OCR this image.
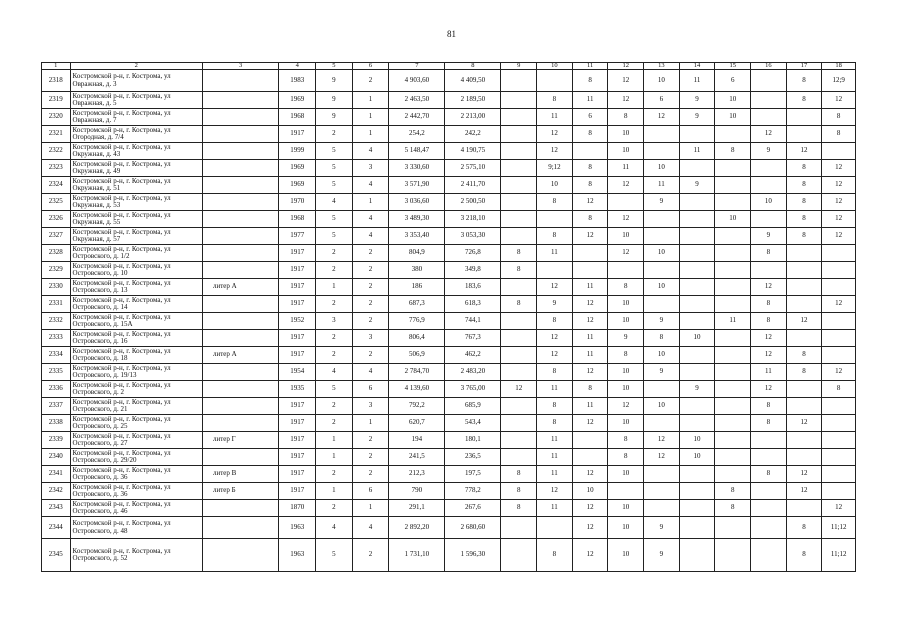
81
1	2	3	4	5	6	7	8	9	10	11	12	13	14	15	16	17	18
2318	Костромской р-н, г. Кострома, ул Овражная, д. 3		1983	9	2	4 903,60	4 409,50			8	12	10	11	6		8	12;9
2319	Костромской р-н, г. Кострома, ул Овражная, д. 5		1969	9	1	2 463,50	2 189,50		8	11	12	6	9	10		8	12
2320	Костромской р-н, г. Кострома, ул Овражная, д. 7		1968	9	1	2 442,70	2 213,00		11	6	8	12	9	10			8
2321	Костромской р-н, г. Кострома, ул Огородная, д. 7/4		1917	2	1	254,2	242,2		12	8	10				12		8
2322	Костромской р-н, г. Кострома, ул Окружная, д. 43		1999	5	4	5 148,47	4 190,75		12		10		11	8	9	12	
2323	Костромской р-н, г. Кострома, ул Окружная, д. 49		1969	5	3	3 330,60	2 575,10		9;12	8	11	10				8	12
2324	Костромской р-н, г. Кострома, ул Окружная, д. 51		1969	5	4	3 571,90	2 411,70		10	8	12	11	9			8	12
2325	Костромской р-н, г. Кострома, ул Окружная, д. 53		1970	4	1	3 036,60	2 500,50		8	12		9			10	8	12
2326	Костромской р-н, г. Кострома, ул Окружная, д. 55		1968	5	4	3 489,30	3 218,10			8	12			10		8	12
2327	Костромской р-н, г. Кострома, ул Окружная, д. 57		1977	5	4	3 353,40	3 053,30		8	12	10				9	8	12
2328	Костромской р-н, г. Кострома, ул Островского, д. 1/2		1917	2	2	804,9	726,8	8	11		12	10			8		
2329	Костромской р-н, г. Кострома, ул Островского, д. 10		1917	2	2	380	349,8	8									
2330	Костромской р-н, г. Кострома, ул Островского, д. 13	литер А	1917	1	2	186	183,6		12	11	8	10			12		
2331	Костромской р-н, г. Кострома, ул Островского, д. 14		1917	2	2	687,3	618,3	8	9	12	10				8		12
2332	Костромской р-н, г. Кострома, ул Островского, д. 15А		1952	3	2	776,9	744,1		8	12	10	9		11	8	12	
2333	Костромской р-н, г. Кострома, ул Островского, д. 16		1917	2	3	806,4	767,3		12	11	9	8	10		12		
2334	Костромской р-н, г. Кострома, ул Островского, д. 18	литер А	1917	2	2	506,9	462,2		12	11	8	10			12	8	
2335	Костромской р-н, г. Кострома, ул Островского, д. 19/13		1954	4	4	2 784,70	2 483,20		8	12	10	9			11	8	12
2336	Костромской р-н, г. Кострома, ул Островского, д. 2		1935	5	6	4 139,60	3 765,00	12	11	8	10		9		12		8
2337	Костромской р-н, г. Кострома, ул Островского, д. 21		1917	2	3	792,2	685,9		8	11	12	10			8		
2338	Костромской р-н, г. Кострома, ул Островского, д. 25		1917	2	1	620,7	543,4		8	12	10				8	12	
2339	Костромской р-н, г. Кострома, ул Островского, д. 27	литер Г	1917	1	2	194	180,1		11		8	12	10				
2340	Костромской р-н, г. Кострома, ул Островского, д. 29/20		1917	1	2	241,5	236,5		11		8	12	10				
2341	Костромской р-н, г. Кострома, ул Островского, д. 36	литер В	1917	2	2	212,3	197,5	8	11	12	10				8	12	
2342	Костромской р-н, г. Кострома, ул Островского, д. 36	литер Б	1917	1	6	790	778,2	8	12	10				8		12	
2343	Костромской р-н, г. Кострома, ул Островского, д. 46		1870	2	1	291,1	267,6	8	11	12	10			8			12
2344	Костромской р-н, г. Кострома, ул Островского, д. 48		1963	4	4	2 892,20	2 680,60			12	10	9				8	11;12
2345	Костромской р-н, г. Кострома, ул Островского, д. 52		1963	5	2	1 731,10	1 596,30		8	12	10	9				8	11;12
